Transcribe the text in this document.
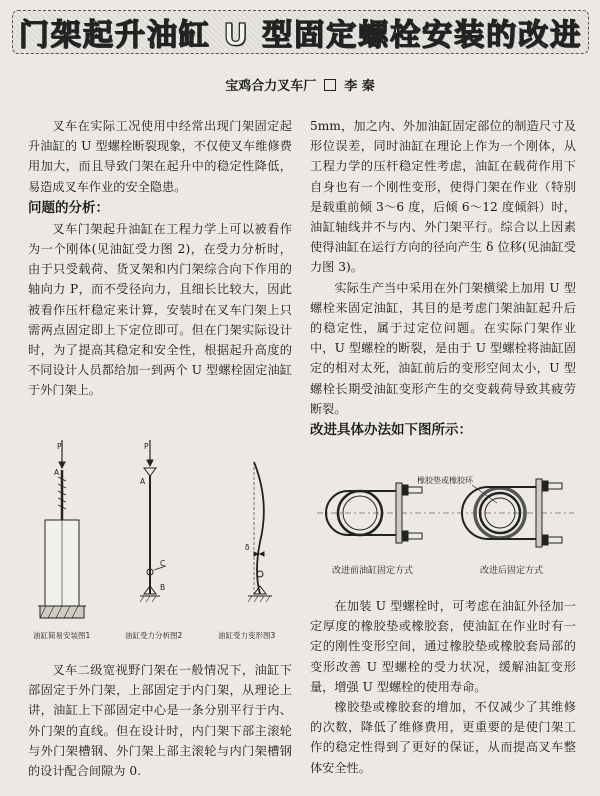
门架起升油缸 U 型固定螺栓安装的改进
宝鸡合力叉车厂 李 秦

叉车在实际工况使用中经常出现门架固定起升油缸的 U 型螺栓断裂现象，不仅使叉车维修费用加大，而且导致门架在起升中的稳定性降低，易造成叉车作业的安全隐患。

问题的分析：

叉车门架起升油缸在工程力学上可以被看作为一个刚体(见油缸受力图 2)，在受力分析时，由于只受载荷、货叉架和内门架综合向下作用的轴向力 P，而不受径向力，且细长比较大，因此被看作压杆稳定来计算，安装时在叉车门架上只需两点固定即上下定位即可。但在门架实际设计时，为了提高其稳定和安全性，根据起升高度的不同设计人员都给加一到两个 U 型螺栓固定油缸于外门架上。

P
A
油缸简易安装图1
P
A
C
B
油缸受力分析图2
δ
油缸受力变形图3

叉车二级宽视野门架在一般情况下，油缸下部固定于外门架，上部固定于内门架，从理论上讲，油缸上下部固定中心是一条分别平行于内、外门架的直线。但在设计时，内门架下部主滚轮与外门架槽钢、外门架上部主滚轮与内门架槽钢的设计配合间隙为 0.

5mm，加之内、外加油缸固定部位的制造尺寸及形位误差，同时油缸在理论上作为一个刚体，从工程力学的压杆稳定性考虑，油缸在载荷作用下自身也有一个刚性变形，使得门架在作业（特别是载重前倾 3～6 度，后倾 6～12 度倾斜）时，油缸轴线并不与内、外门架平行。综合以上因素使得油缸在运行方向的径向产生 δ 位移(见油缸受力图 3)。

实际生产当中采用在外门架横梁上加用 U 型螺栓来固定油缸，其目的是考虑门架油缸起升后的稳定性，属于过定位问题。在实际门架作业中，U 型螺栓的断裂，是由于 U 型螺栓将油缸固定的相对太死，油缸前后的变形空间太小，U 型螺栓长期受油缸变形产生的交变载荷导致其疲劳断裂。

改进具体办法如下图所示：
橡胶垫或橡胶环
改进前油缸固定方式	改进后固定方式

在加装 U 型螺栓时，可考虑在油缸外径加一定厚度的橡胶垫或橡胶套，使油缸在作业时有一定的刚性变形空间，通过橡胶垫或橡胶套局部的变形改善 U 型螺栓的受力状况，缓解油缸变形量，增强 U 型螺栓的使用寿命。

橡胶垫或橡胶套的增加，不仅减少了其维修的次数，降低了维修费用，更重要的是使门架工作的稳定性得到了更好的保证，从而提高叉车整体安全性。
